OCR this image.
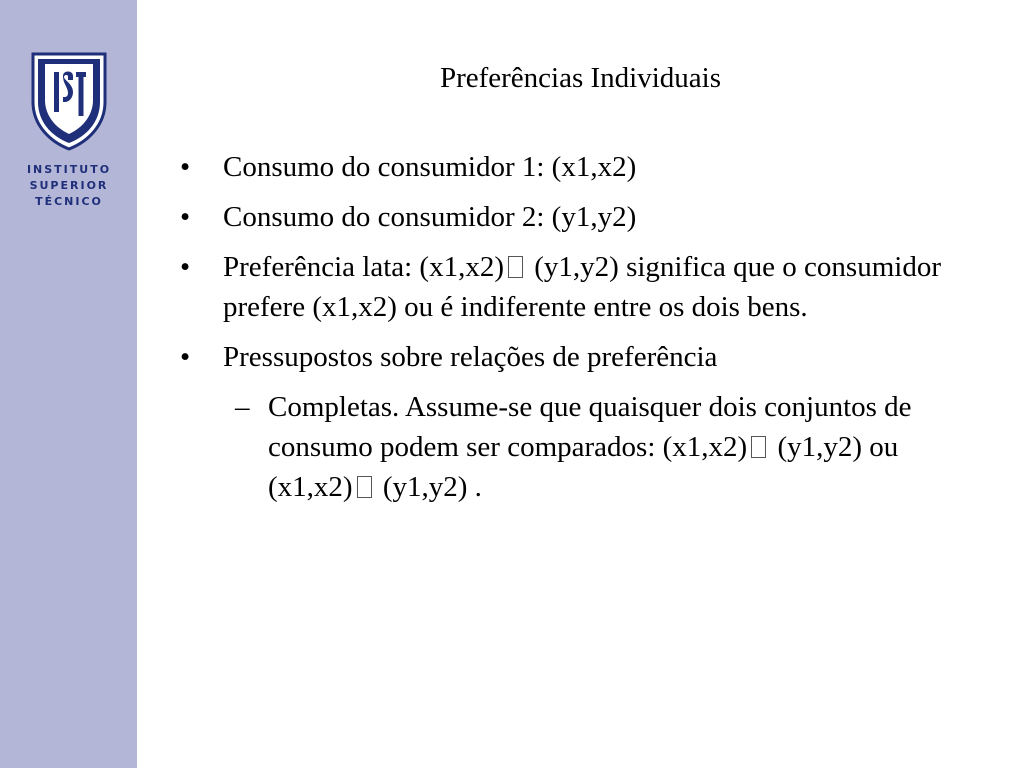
INSTITUTO
SUPERIOR
TÉCNICO
Preferências Individuais
•	Consumo do consumidor 1: (x1,x2)
•	Consumo do consumidor 2: (y1,y2)
•	Preferência lata: (x1,x2) (y1,y2) significa que o consumidor prefere (x1,x2) ou é indiferente entre os dois bens.
•	Pressupostos sobre relações de preferência
– Completas. Assume-se que quaisquer dois conjuntos de consumo podem ser comparados: (x1,x2) (y1,y2) ou (x1,x2) (y1,y2) .
